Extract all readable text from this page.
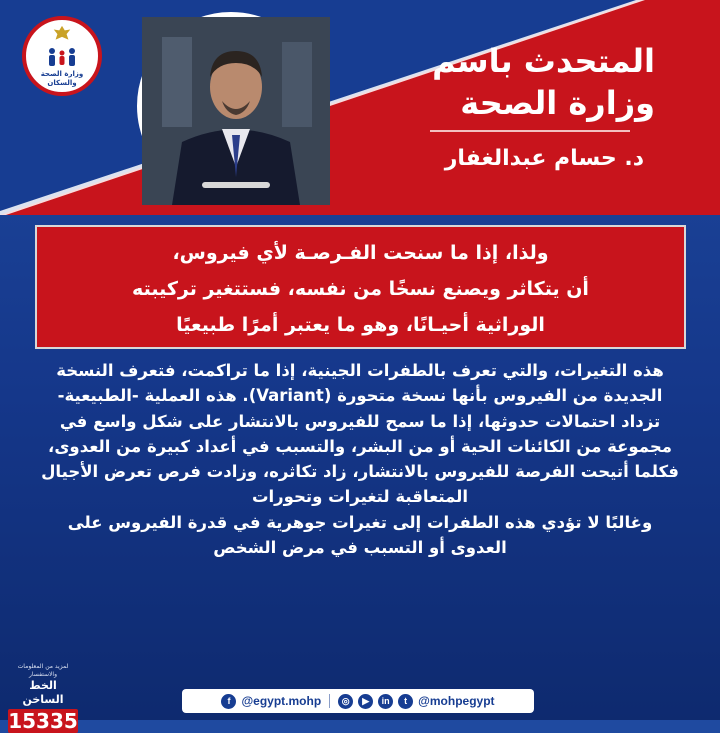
وزارة الصحة والسكان
المتحدث باسم
وزارة الصحة
د. حسام عبدالغفار
ولذا، إذا ما سنحت الفـرصـة لأي فيروس،
أن يتكاثر ويصنع نسخًا من نفسه، فستتغير تركيبته
الوراثية أحيـانًا، وهو ما يعتبر أمرًا طبيعيًا
هذه التغيرات، والتي تعرف بالطفرات الجينية، إذا ما تراكمت، فتعرف النسخة
الجديدة من الفيروس بأنها نسخة متحورة (Variant). هذه العملية -الطبيعية-
تزداد احتمالات حدوثها، إذا ما سمح للفيروس بالانتشار على شكل واسع في
مجموعة من الكائنات الحية أو من البشر، والتسبب في أعداد كبيرة من العدوى،
فكلما أتيحت الفرصة للفيروس بالانتشار، زاد تكاثره، وزادت فرص تعرض الأجيال
المتعاقبة لتغيرات وتحورات
وغالبًا لا تؤدي هذه الطفرات إلى تغيرات جوهرية في قدرة الفيروس على
العدوى أو التسبب في مرض الشخص
لمزيد من المعلومات والاستفسار
الخط الساخن
15335
f @egypt.mohp	◎	▶	in	t @mohpegypt
